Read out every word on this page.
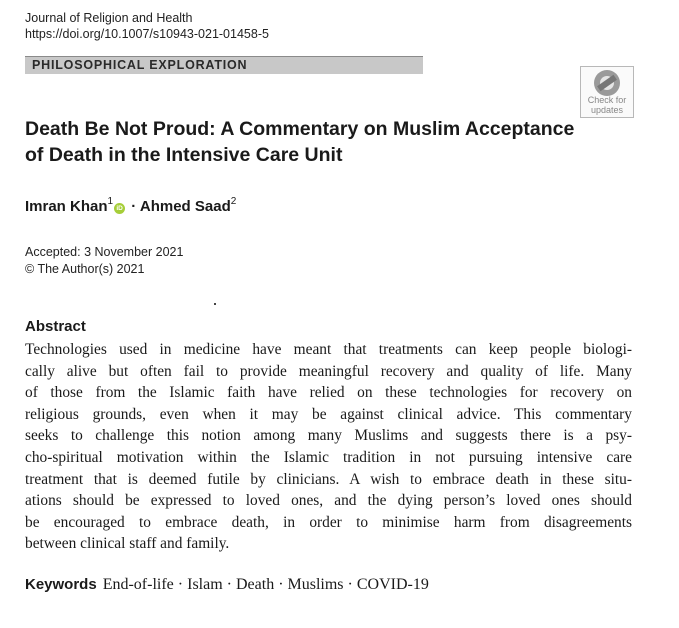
Journal of Religion and Health
https://doi.org/10.1007/s10943-021-01458-5
PHILOSOPHICAL EXPLORATION
Check for
updates
Death Be Not Proud: A Commentary on Muslim Acceptance
of Death in the Intensive Care Unit
Imran Khan$^1$iD · Ahmed Saad$^2$
Accepted: 3 November 2021
© The Author(s) 2021
Abstract
Technologies used in medicine have meant that treatments can keep people biologi-
cally alive but often fail to provide meaningful recovery and quality of life. Many
of those from the Islamic faith have relied on these technologies for recovery on
religious grounds, even when it may be against clinical advice. This commentary
seeks to challenge this notion among many Muslims and suggests there is a psy-
cho-spiritual motivation within the Islamic tradition in not pursuing intensive care
treatment that is deemed futile by clinicians. A wish to embrace death in these situ-
ations should be expressed to loved ones, and the dying person’s loved ones should
be encouraged to embrace death, in order to minimise harm from disagreements
between clinical staff and family.
Keywords End-of-life · Islam · Death · Muslims · COVID-19
